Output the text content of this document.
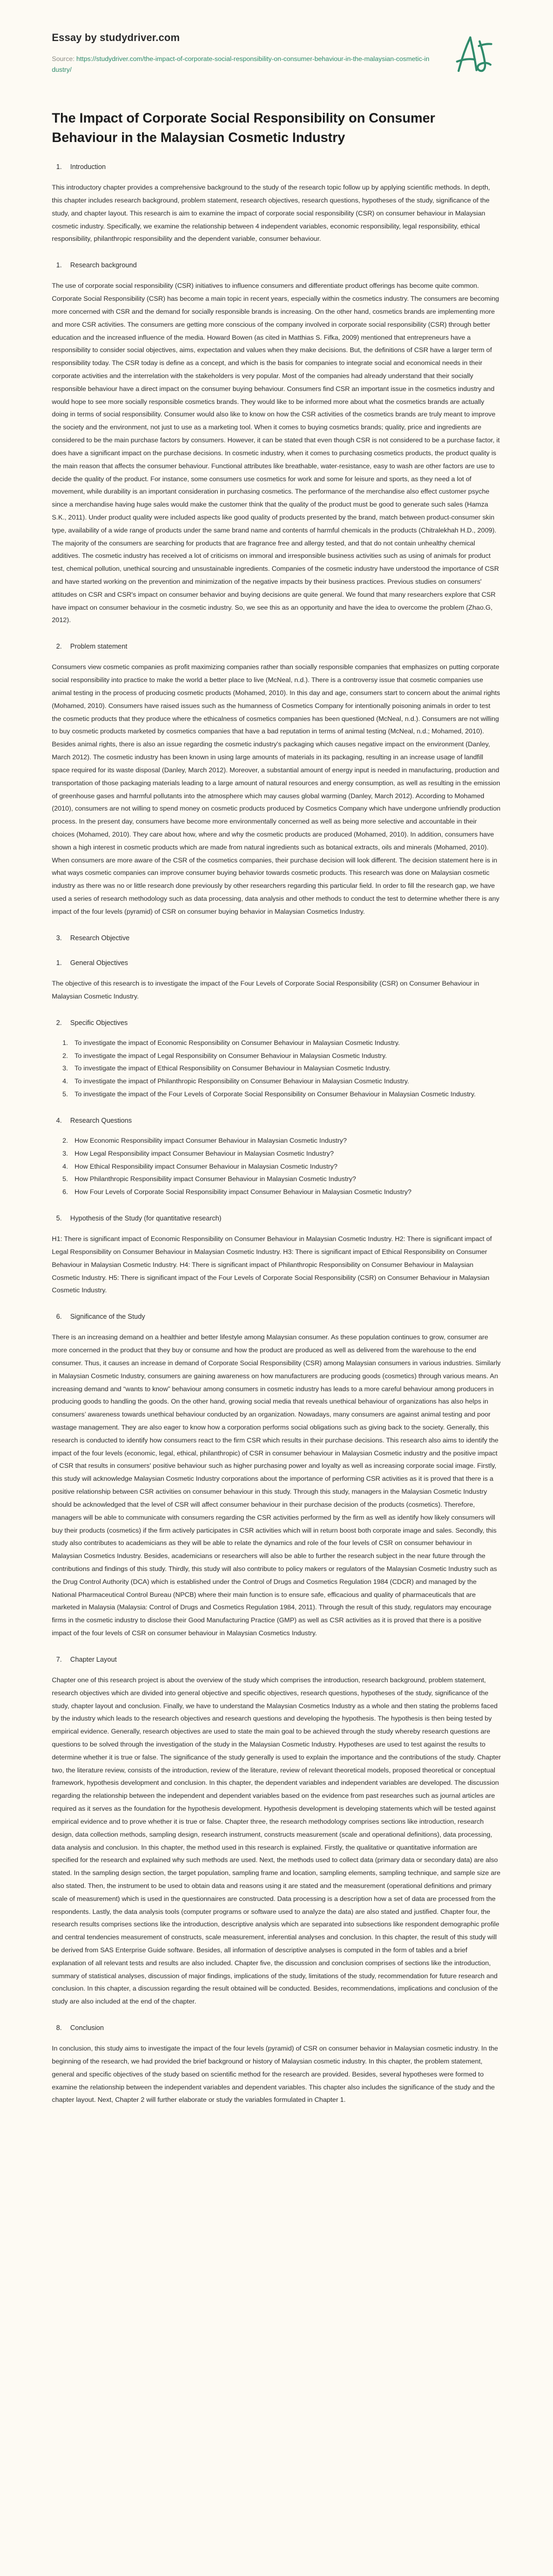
Essay by studydriver.com

Source: https://studydriver.com/the-impact-of-corporate-social-responsibility-on-consumer-behaviour-in-the-malaysian-cosmetic-industry/

The Impact of Corporate Social Responsibility on Consumer Behaviour in the Malaysian Cosmetic Industry
1. Introduction

This introductory chapter provides a comprehensive background to the study of the research topic follow up by applying scientific methods. In depth, this chapter includes research background, problem statement, research objectives, research questions, hypotheses of the study, significance of the study, and chapter layout. This research is aim to examine the impact of corporate social responsibility (CSR) on consumer behaviour in Malaysian cosmetic industry. Specifically, we examine the relationship between 4 independent variables, economic responsibility, legal responsibility, ethical responsibility, philanthropic responsibility and the dependent variable, consumer behaviour.

1. Research background

The use of corporate social responsibility (CSR) initiatives to influence consumers and differentiate product offerings has become quite common. Corporate Social Responsibility (CSR) has become a main topic in recent years, especially within the cosmetics industry. The consumers are becoming more concerned with CSR and the demand for socially responsible brands is increasing. On the other hand, cosmetics brands are implementing more and more CSR activities. The consumers are getting more conscious of the company involved in corporate social responsibility (CSR) through better education and the increased influence of the media. Howard Bowen (as cited in Matthias S. Fifka, 2009) mentioned that entrepreneurs have a responsibility to consider social objectives, aims, expectation and values when they make decisions. But, the definitions of CSR have a larger term of responsibility today. The CSR today is define as a concept, and which is the basis for companies to integrate social and economical needs in their corporate activities and the interrelation with the stakeholders is very popular. Most of the companies had already understand that their socially responsible behaviour have a direct impact on the consumer buying behaviour. Consumers find CSR an important issue in the cosmetics industry and would hope to see more socially responsible cosmetics brands. They would like to be informed more about what the cosmetics brands are actually doing in terms of social responsibility. Consumer would also like to know on how the CSR activities of the cosmetics brands are truly meant to improve the society and the environment, not just to use as a marketing tool. When it comes to buying cosmetics brands; quality, price and ingredients are considered to be the main purchase factors by consumers. However, it can be stated that even though CSR is not considered to be a purchase factor, it does have a significant impact on the purchase decisions. In cosmetic industry, when it comes to purchasing cosmetics products, the product quality is the main reason that affects the consumer behaviour. Functional attributes like breathable, water-resistance, easy to wash are other factors are use to decide the quality of the product. For instance, some consumers use cosmetics for work and some for leisure and sports, as they need a lot of movement, while durability is an important consideration in purchasing cosmetics. The performance of the merchandise also effect customer psyche since a merchandise having huge sales would make the customer think that the quality of the product must be good to generate such sales (Hamza S.K., 2011). Under product quality were included aspects like good quality of products presented by the brand, match between product-consumer skin type, availability of a wide range of products under the same brand name and contents of harmful chemicals in the products (Chitralekhah H.D., 2009). The majority of the consumers are searching for products that are fragrance free and allergy tested, and that do not contain unhealthy chemical additives. The cosmetic industry has received a lot of criticisms on immoral and irresponsible business activities such as using of animals for product test, chemical pollution, unethical sourcing and unsustainable ingredients. Companies of the cosmetic industry have understood the importance of CSR and have started working on the prevention and minimization of the negative impacts by their business practices. Previous studies on consumers' attitudes on CSR and CSR's impact on consumer behavior and buying decisions are quite general. We found that many researchers explore that CSR have impact on consumer behaviour in the cosmetic industry. So, we see this as an opportunity and have the idea to overcome the problem (Zhao.G, 2012).

2. Problem statement

Consumers view cosmetic companies as profit maximizing companies rather than socially responsible companies that emphasizes on putting corporate social responsibility into practice to make the world a better place to live (McNeal, n.d.). There is a controversy issue that cosmetic companies use animal testing in the process of producing cosmetic products (Mohamed, 2010). In this day and age, consumers start to concern about the animal rights (Mohamed, 2010). Consumers have raised issues such as the humanness of Cosmetics Company for intentionally poisoning animals in order to test the cosmetic products that they produce where the ethicalness of cosmetics companies has been questioned (McNeal, n.d.). Consumers are not willing to buy cosmetic products marketed by cosmetics companies that have a bad reputation in terms of animal testing (McNeal, n.d.; Mohamed, 2010). Besides animal rights, there is also an issue regarding the cosmetic industry's packaging which causes negative impact on the environment (Danley, March 2012). The cosmetic industry has been known in using large amounts of materials in its packaging, resulting in an increase usage of landfill space required for its waste disposal (Danley, March 2012). Moreover, a substantial amount of energy input is needed in manufacturing, production and transportation of those packaging materials leading to a large amount of natural resources and energy consumption, as well as resulting in the emission of greenhouse gases and harmful pollutants into the atmosphere which may causes global warming (Danley, March 2012). According to Mohamed (2010), consumers are not willing to spend money on cosmetic products produced by Cosmetics Company which have undergone unfriendly production process. In the present day, consumers have become more environmentally concerned as well as being more selective and accountable in their choices (Mohamed, 2010). They care about how, where and why the cosmetic products are produced (Mohamed, 2010). In addition, consumers have shown a high interest in cosmetic products which are made from natural ingredients such as botanical extracts, oils and minerals (Mohamed, 2010). When consumers are more aware of the CSR of the cosmetics companies, their purchase decision will look different. The decision statement here is in what ways cosmetic companies can improve consumer buying behavior towards cosmetic products. This research was done on Malaysian cosmetic industry as there was no or little research done previously by other researchers regarding this particular field. In order to fill the research gap, we have used a series of research methodology such as data processing, data analysis and other methods to conduct the test to determine whether there is any impact of the four levels (pyramid) of CSR on consumer buying behavior in Malaysian Cosmetics Industry.

3. Research Objective
1. General Objectives

The objective of this research is to investigate the impact of the Four Levels of Corporate Social Responsibility (CSR) on Consumer Behaviour in Malaysian Cosmetic Industry.

2. Specific Objectives
1. To investigate the impact of Economic Responsibility on Consumer Behaviour in Malaysian Cosmetic Industry.
2. To investigate the impact of Legal Responsibility on Consumer Behaviour in Malaysian Cosmetic Industry.
3. To investigate the impact of Ethical Responsibility on Consumer Behaviour in Malaysian Cosmetic Industry.
4. To investigate the impact of Philanthropic Responsibility on Consumer Behaviour in Malaysian Cosmetic Industry.
5. To investigate the impact of the Four Levels of Corporate Social Responsibility on Consumer Behaviour in Malaysian Cosmetic Industry.
4. Research Questions
2. How Economic Responsibility impact Consumer Behaviour in Malaysian Cosmetic Industry?
3. How Legal Responsibility impact Consumer Behaviour in Malaysian Cosmetic Industry?
4. How Ethical Responsibility impact Consumer Behaviour in Malaysian Cosmetic Industry?
5. How Philanthropic Responsibility impact Consumer Behaviour in Malaysian Cosmetic Industry?
6. How Four Levels of Corporate Social Responsibility impact Consumer Behaviour in Malaysian Cosmetic Industry?
5. Hypothesis of the Study (for quantitative research)

H1: There is significant impact of Economic Responsibility on Consumer Behaviour in Malaysian Cosmetic Industry. H2: There is significant impact of Legal Responsibility on Consumer Behaviour in Malaysian Cosmetic Industry. H3: There is significant impact of Ethical Responsibility on Consumer Behaviour in Malaysian Cosmetic Industry. H4: There is significant impact of Philanthropic Responsibility on Consumer Behaviour in Malaysian Cosmetic Industry. H5: There is significant impact of the Four Levels of Corporate Social Responsibility (CSR) on Consumer Behaviour in Malaysian Cosmetic Industry.

6. Significance of the Study

There is an increasing demand on a healthier and better lifestyle among Malaysian consumer. As these population continues to grow, consumer are more concerned in the product that they buy or consume and how the product are produced as well as delivered from the warehouse to the end consumer. Thus, it causes an increase in demand of Corporate Social Responsibility (CSR) among Malaysian consumers in various industries. Similarly in Malaysian Cosmetic Industry, consumers are gaining awareness on how manufacturers are producing goods (cosmetics) through various means. An increasing demand and “wants to know” behaviour among consumers in cosmetic industry has leads to a more careful behaviour among producers in producing goods to handling the goods. On the other hand, growing social media that reveals unethical behaviour of organizations has also helps in consumers’ awareness towards unethical behaviour conducted by an organization. Nowadays, many consumers are against animal testing and poor wastage management. They are also eager to know how a corporation performs social obligations such as giving back to the society. Generally, this research is conducted to identify how consumers react to the firm CSR which results in their purchase decisions. This research also aims to identify the impact of the four levels (economic, legal, ethical, philanthropic) of CSR in consumer behaviour in Malaysian Cosmetic industry and the positive impact of CSR that results in consumers' positive behaviour such as higher purchasing power and loyalty as well as increasing corporate social image. Firstly, this study will acknowledge Malaysian Cosmetic Industry corporations about the importance of performing CSR activities as it is proved that there is a positive relationship between CSR activities on consumer behaviour in this study. Through this study, managers in the Malaysian Cosmetic Industry should be acknowledged that the level of CSR will affect consumer behaviour in their purchase decision of the products (cosmetics). Therefore, managers will be able to communicate with consumers regarding the CSR activities performed by the firm as well as identify how likely consumers will buy their products (cosmetics) if the firm actively participates in CSR activities which will in return boost both corporate image and sales. Secondly, this study also contributes to academicians as they will be able to relate the dynamics and role of the four levels of CSR on consumer behaviour in Malaysian Cosmetics Industry. Besides, academicians or researchers will also be able to further the research subject in the near future through the contributions and findings of this study. Thirdly, this study will also contribute to policy makers or regulators of the Malaysian Cosmetic Industry such as the Drug Control Authority (DCA) which is established under the Control of Drugs and Cosmetics Regulation 1984 (CDCR) and managed by the National Pharmaceutical Control Bureau (NPCB) where their main function is to ensure safe, efficacious and quality of pharmaceuticals that are marketed in Malaysia (Malaysia: Control of Drugs and Cosmetics Regulation 1984, 2011). Through the result of this study, regulators may encourage firms in the cosmetic industry to disclose their Good Manufacturing Practice (GMP) as well as CSR activities as it is proved that there is a positive impact of the four levels of CSR on consumer behaviour in Malaysian Cosmetics Industry.

7. Chapter Layout

Chapter one of this research project is about the overview of the study which comprises the introduction, research background, problem statement, research objectives which are divided into general objective and specific objectives, research questions, hypotheses of the study, significance of the study, chapter layout and conclusion. Finally, we have to understand the Malaysian Cosmetics Industry as a whole and then stating the problems faced by the industry which leads to the research objectives and research questions and developing the hypothesis. The hypothesis is then being tested by empirical evidence. Generally, research objectives are used to state the main goal to be achieved through the study whereby research questions are questions to be solved through the investigation of the study in the Malaysian Cosmetic Industry. Hypotheses are used to test against the results to determine whether it is true or false. The significance of the study generally is used to explain the importance and the contributions of the study. Chapter two, the literature review, consists of the introduction, review of the literature, review of relevant theoretical models, proposed theoretical or conceptual framework, hypothesis development and conclusion. In this chapter, the dependent variables and independent variables are developed. The discussion regarding the relationship between the independent and dependent variables based on the evidence from past researches such as journal articles are required as it serves as the foundation for the hypothesis development. Hypothesis development is developing statements which will be tested against empirical evidence and to prove whether it is true or false. Chapter three, the research methodology comprises sections like introduction, research design, data collection methods, sampling design, research instrument, constructs measurement (scale and operational definitions), data processing, data analysis and conclusion. In this chapter, the method used in this research is explained. Firstly, the qualitative or quantitative information are specified for the research and explained why such methods are used. Next, the methods used to collect data (primary data or secondary data) are also stated. In the sampling design section, the target population, sampling frame and location, sampling elements, sampling technique, and sample size are also stated. Then, the instrument to be used to obtain data and reasons using it are stated and the measurement (operational definitions and primary scale of measurement) which is used in the questionnaires are constructed. Data processing is a description how a set of data are processed from the respondents. Lastly, the data analysis tools (computer programs or software used to analyze the data) are also stated and justified. Chapter four, the research results comprises sections like the introduction, descriptive analysis which are separated into subsections like respondent demographic profile and central tendencies measurement of constructs, scale measurement, inferential analyses and conclusion. In this chapter, the result of this study will be derived from SAS Enterprise Guide software. Besides, all information of descriptive analyses is computed in the form of tables and a brief explanation of all relevant tests and results are also included. Chapter five, the discussion and conclusion comprises of sections like the introduction, summary of statistical analyses, discussion of major findings, implications of the study, limitations of the study, recommendation for future research and conclusion. In this chapter, a discussion regarding the result obtained will be conducted. Besides, recommendations, implications and conclusion of the study are also included at the end of the chapter.

8. Conclusion

In conclusion, this study aims to investigate the impact of the four levels (pyramid) of CSR on consumer behavior in Malaysian cosmetic industry. In the beginning of the research, we had provided the brief background or history of Malaysian cosmetic industry. In this chapter, the problem statement, general and specific objectives of the study based on scientific method for the research are provided. Besides, several hypotheses were formed to examine the relationship between the independent variables and dependent variables. This chapter also includes the significance of the study and the chapter layout. Next, Chapter 2 will further elaborate or study the variables formulated in Chapter 1.
